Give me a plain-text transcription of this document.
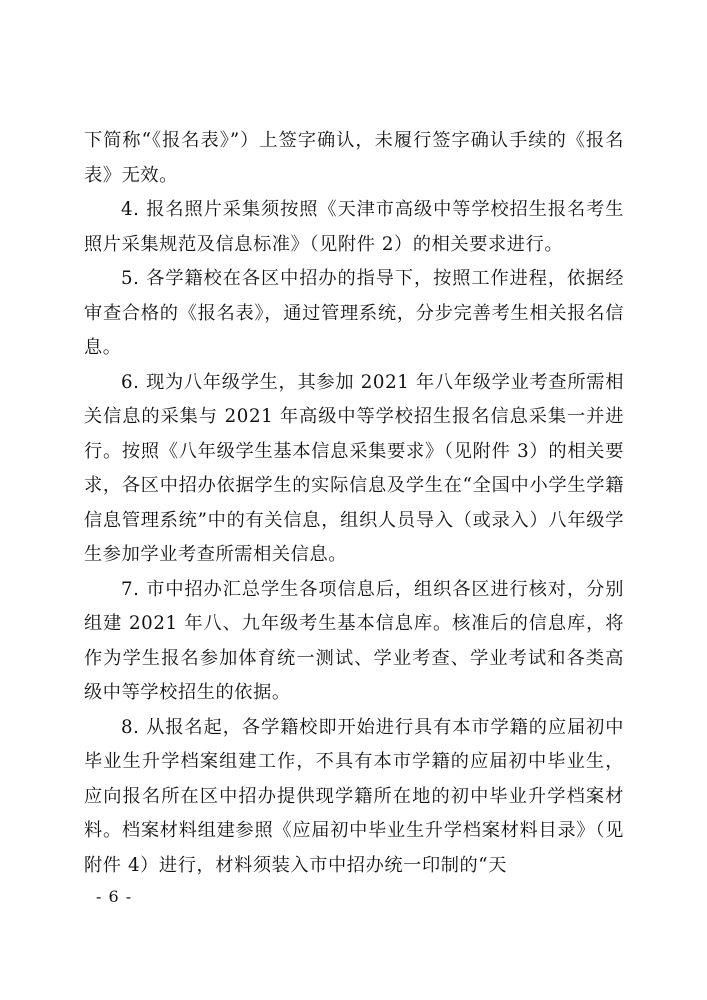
下简称“《报名表》”）上签字确认，未履行签字确认手续的《报名表》无效。

4. 报名照片采集须按照《天津市高级中等学校招生报名考生照片采集规范及信息标准》（见附件 2）的相关要求进行。

5. 各学籍校在各区中招办的指导下，按照工作进程，依据经审查合格的《报名表》，通过管理系统，分步完善考生相关报名信息。

6. 现为八年级学生，其参加 2021 年八年级学业考查所需相关信息的采集与 2021 年高级中等学校招生报名信息采集一并进行。按照《八年级学生基本信息采集要求》（见附件 3）的相关要求，各区中招办依据学生的实际信息及学生在“全国中小学生学籍信息管理系统”中的有关信息，组织人员导入（或录入）八年级学生参加学业考查所需相关信息。

7. 市中招办汇总学生各项信息后，组织各区进行核对，分别组建 2021 年八、九年级考生基本信息库。核准后的信息库，将作为学生报名参加体育统一测试、学业考查、学业考试和各类高级中等学校招生的依据。

8. 从报名起，各学籍校即开始进行具有本市学籍的应届初中毕业生升学档案组建工作，不具有本市学籍的应届初中毕业生，应向报名所在区中招办提供现学籍所在地的初中毕业升学档案材料。档案材料组建参照《应届初中毕业生升学档案材料目录》（见附件 4）进行，材料须装入市中招办统一印制的“天

- 6 -
